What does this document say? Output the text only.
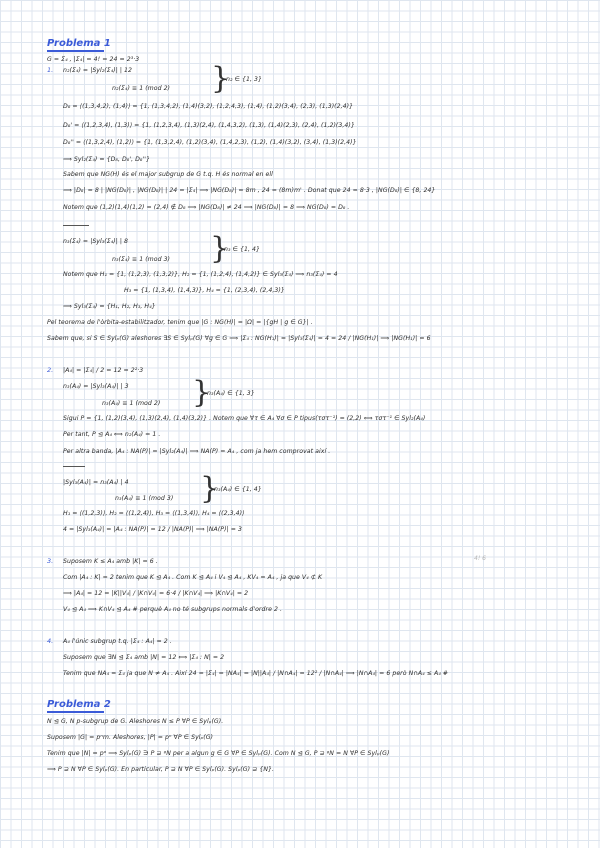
Problema 1
G = Σ₄ , |Σ₄| = 4! = 24 = 2³·3
1. n₂(Σ₄) = |Syl₂(Σ₄)| | 12
n₂(Σ₄) ≡ 1 (mod 2) }
n₂ ∈ {1, 3}
D₈ = ⟨(1,3,4,2), (1,4)⟩ = {1, (1,3,4,2), (1,4)(3,2), (1,2,4,3), (1,4), (1,2)(3,4), (2,3), (1,3)(2,4)}
D₈' = ⟨(1,2,3,4), (1,3)⟩ = {1, (1,2,3,4), (1,3)(2,4), (1,4,3,2), (1,3), (1,4)(2,3), (2,4), (1,2)(3,4)}
D₈'' = ⟨(1,3,2,4), (1,2)⟩ = {1, (1,3,2,4), (1,2)(3,4), (1,4,2,3), (1,2), (1,4)(3,2), (3,4), (1,3)(2,4)}
⟹ Syl₂(Σ₄) = {D₈, D₈', D₈''}
Sabem que NG(H) és el major subgrup de G t.q. H és normal en ell
⟹ |D₈| = 8 | |NG(D₈)| , |NG(D₈)| | 24 = |Σ₄| ⟹ |NG(D₈)| = 8m , 24 = (8m)m' . Donat que 24 = 8·3 , |NG(D₈)| ∈ {8, 24}
Notem que (1,2)(1,4)(1,2) = (2,4) ∉ D₈ ⟹ |NG(D₈)| ≠ 24 ⟹ |NG(D₈)| = 8 ⟹ NG(D₈) = D₈ .
n₃(Σ₄) = |Syl₃(Σ₄)| | 8
n₃(Σ₄) ≡ 1 (mod 3) }
n₃ ∈ {1, 4}
Notem que H₁ = {1, (1,2,3), (1,3,2)}, H₂ = {1, (1,2,4), (1,4,2)} ∈ Syl₃(Σ₄) ⟹ n₃(Σ₄) = 4
H₃ = {1, (1,3,4), (1,4,3)}, H₄ = {1, (2,3,4), (2,4,3)}
⟹ Syl₃(Σ₄) = {H₁, H₂, H₃, H₄}
Pel teorema de l'òrbita-estabilitzador, tenim que |G : NG(H)| = |Ω| = |{gH | g ∈ G}| .
Sabem que, si S ∈ Sylₚ(G) aleshores ∃S ∈ Sylₚ(G) ∀g ∈ G ⟹ |Σ₄ : NG(H₁)| = |Syl₃(Σ₄)| = 4 = 24 / |NG(H₁)| ⟹ |NG(H₁)| = 6
2. |A₄| = |Σ₄| / 2 = 12 = 2²·3
n₃(A₄) = |Syl₃(A₄)| | 3
n₃(A₄) ≡ 1 (mod 2) }
n₃(A₄) ∈ {1, 3}
Sigui P = {1, (1,2)(3,4), (1,3)(2,4), (1,4)(3,2)} . Notem que ∀τ ∈ A₄ ∀σ ∈ P tipus(τστ⁻¹) = (2,2) ⟺ τστ⁻¹ ∈ Syl₂(A₄)
Per tant, P ⊴ A₄ ⟺ n₂(A₄) = 1 .
Per altra banda, |A₄ : NA(P)| = |Syl₂(A₄)| ⟹ NA(P) = A₄ , com ja hem comprovat així .
|Syl₃(A₄)| = n₃(A₄) | 4
n₃(A₄) ≡ 1 (mod 3) }
n₃(A₄) ∈ {1, 4}
H₁ = ⟨(1,2,3)⟩, H₂ = ⟨(1,2,4)⟩, H₃ = ⟨(1,3,4)⟩, H₄ = ⟨(2,3,4)⟩
4 = |Syl₃(A₄)| = |A₄ : NA(P)| = 12 / |NA(P)| ⟹ |NA(P)| = 3
3. Suposem K ≤ A₄ amb |K| = 6 .	4! 6
Com |A₄ : K| = 2 tenim que K ⊴ A₄ . Com K ⊴ A₄ i V₄ ⊴ A₄ , KV₄ = A₄ , ja que V₄ ⊄ K
⟹ |A₄| = 12 = |K||V₄| / |K∩V₄| = 6·4 / |K∩V₄| ⟹ |K∩V₄| = 2
V₄ ⊴ A₄ ⟹ K∩V₄ ⊴ A₄ # perquè A₄ no té subgrups normals d'ordre 2 .
4. A₄ l'únic subgrup t.q. |Σ₄ : A₄| = 2 .
Suposem que ∃N ⊴ Σ₄ amb |N| = 12 ⟺ |Σ₄ : N| = 2
Tenim que NA₄ = Σ₄ ja que N ≠ A₄ . Així 24 = |Σ₄| = |NA₄| = |N||A₄| / |N∩A₄| = 12² / |N∩A₄| ⟹ |N∩A₄| = 6 però N∩A₄ ≤ A₄ #
Problema 2
N ⊴ G, N p-subgrup de G. Aleshores N ≤ P ∀P ∈ Sylₚ(G).
Suposem |G| = pⁿm. Aleshores, |P| = pⁿ ∀P ∈ Sylₚ(G)
Tenim que |N| = pᵃ ⟹ Sylₚ(G) ∋ P ⊇ ᵍN per a algun g ∈ G ∀P ∈ Sylₚ(G). Com N ⊴ G, P ⊇ ᵍN = N ∀P ∈ Sylₚ(G)
⟹ P ⊇ N ∀P ∈ Sylₚ(G). En particular, P ⊇ N ∀P ∈ Sylₚ(G). Sylₚ(G) ⊇ {N}.
